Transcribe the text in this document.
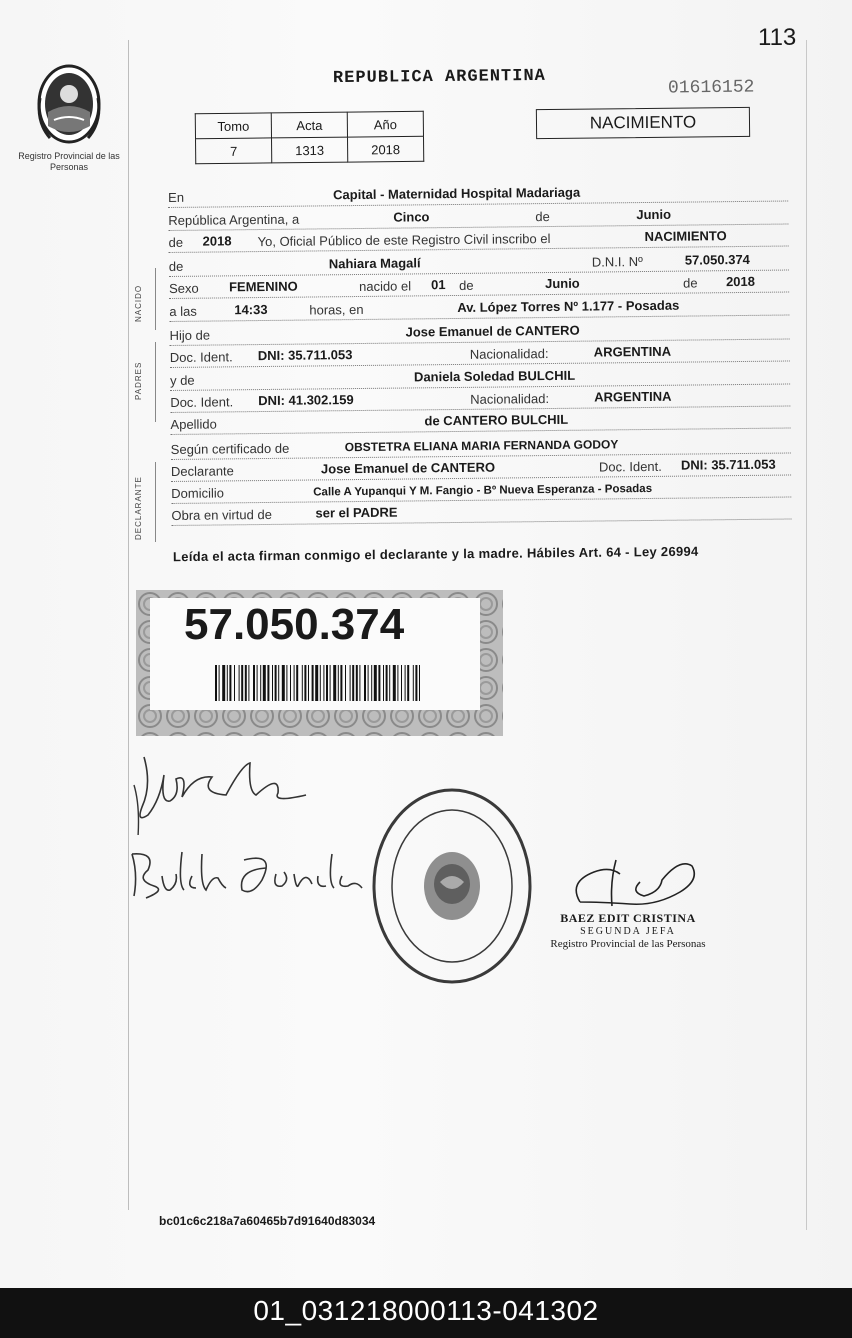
113
Registro Provincial de las Personas
REPUBLICA ARGENTINA	01616152
Tomo	Acta	Año
7	1313	2018
NACIMIENTO
NACIDO
PADRES
DECLARANTE
En	Capital - Maternidad Hospital Madariaga
República Argentina, a	Cinco	de	Junio
de 2018 Yo, Oficial Público de este Registro Civil inscribo el	NACIMIENTO
de	Nahiara Magalí	D.N.I. Nº	57.050.374
Sexo FEMENINO	nacido el 01 de	Junio	de 2018
a las	14:33	horas, en	Av. López Torres Nº 1.177 - Posadas
Hijo de	Jose Emanuel de CANTERO
Doc. Ident. DNI: 35.711.053	Nacionalidad:	ARGENTINA
y de	Daniela Soledad BULCHIL
Doc. Ident. DNI: 41.302.159	Nacionalidad:	ARGENTINA
Apellido	de CANTERO BULCHIL
Según certificado de	OBSTETRA ELIANA MARIA FERNANDA GODOY
Declarante	Jose Emanuel de CANTERO	Doc. Ident. DNI: 35.711.053
Domicilio	Calle A Yupanqui Y M. Fangio - Bº Nueva Esperanza - Posadas
Obra en virtud de	ser el PADRE
Leída el acta firman conmigo el declarante y la madre. Hábiles Art. 64 - Ley 26994
57.050.374
BAEZ EDIT CRISTINA
SEGUNDA JEFA
Registro Provincial de las Personas
bc01c6c218a7a60465b7d91640d83034
01_031218000113-041302
